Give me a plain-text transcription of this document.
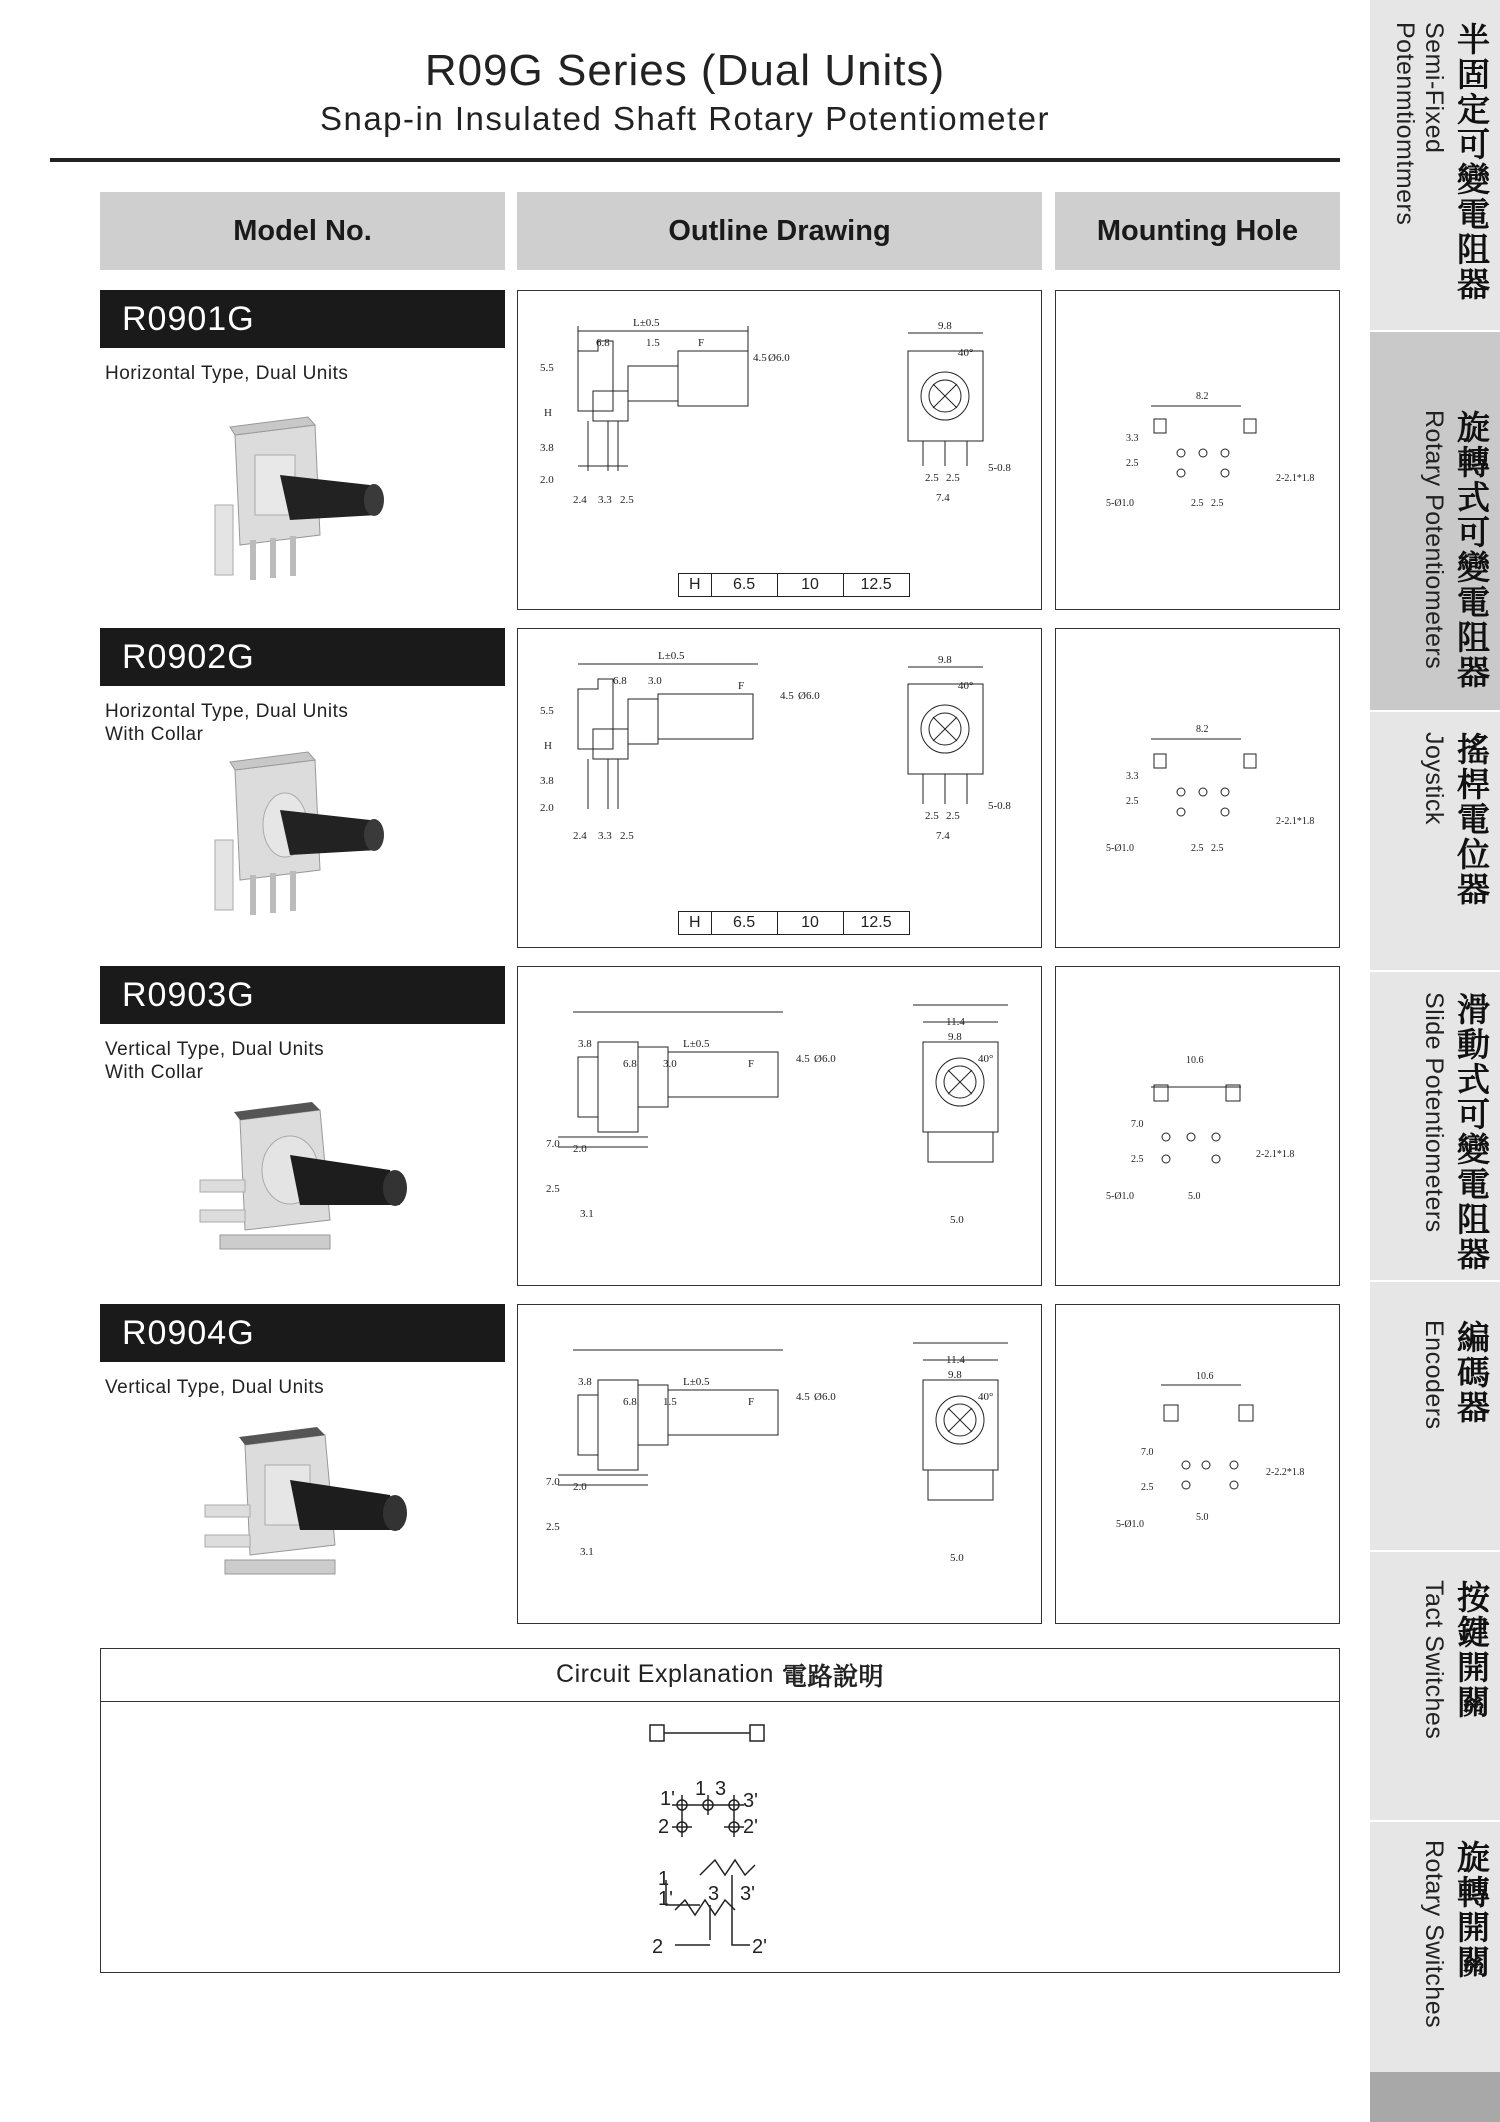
R09G Series (Dual Units)
Snap-in Insulated Shaft Rotary Potentiometer
Model No.	Outline Drawing	Mounting Hole
R0901G
Horizontal Type, Dual Units
L±0.5
6.8	1.5	F
4.5 Ø6.0
5.5
H
3.8
2.0
2.4 3.3 2.5
9.8
40°
2.5 2.5
7.4
5-0.8
H	6.5	10	12.5
8.2
2.5
3.3
5-Ø1.0	2.5 2.5
2-2.1*1.8
R0902G
Horizontal Type, Dual Units
With Collar
L±0.5
6.8 3.0	F
4.5 Ø6.0
5.5
H
3.8
2.0
2.4 3.3 2.5
9.8
40°
2.5 2.5
7.4
5-0.8
H	6.5	10	12.5
8.2
2.5
3.3
5-Ø1.0	2.5 2.5
2-2.1*1.8
R0903G
Vertical Type, Dual Units
With Collar
3.8	L±0.5
6.8 3.0	F	4.5 Ø6.0
7.0 2.0
2.5
3.1
11.4
9.8
40°
5.0
10.6
7.0
2.5
5-Ø1.0	5.0
2-2.1*1.8
R0904G
Vertical Type, Dual Units	3.8	L±0.5
6.8 1.5	F	4.5 Ø6.0
7.0 2.0
2.5
3.1
11.4
9.8
40°
5.0
10.6
7.0
2.5
5-Ø1.0
5.0
2-2.2*1.8
Circuit Explanation 電路說明
1' 1 3
3'
2	2'
1
1' 3 3'
2	2'
半固定可變電阻器
Semi-Fixed Potenmtiomtmers
旋轉式可變電阻器
Rotary Potentiometers
搖桿電位器
Joystick
滑動式可變電阻器
Slide Potentiometers
編碼器
Encoders
按鍵開關
Tact Switches
旋轉開關
Rotary Switches
